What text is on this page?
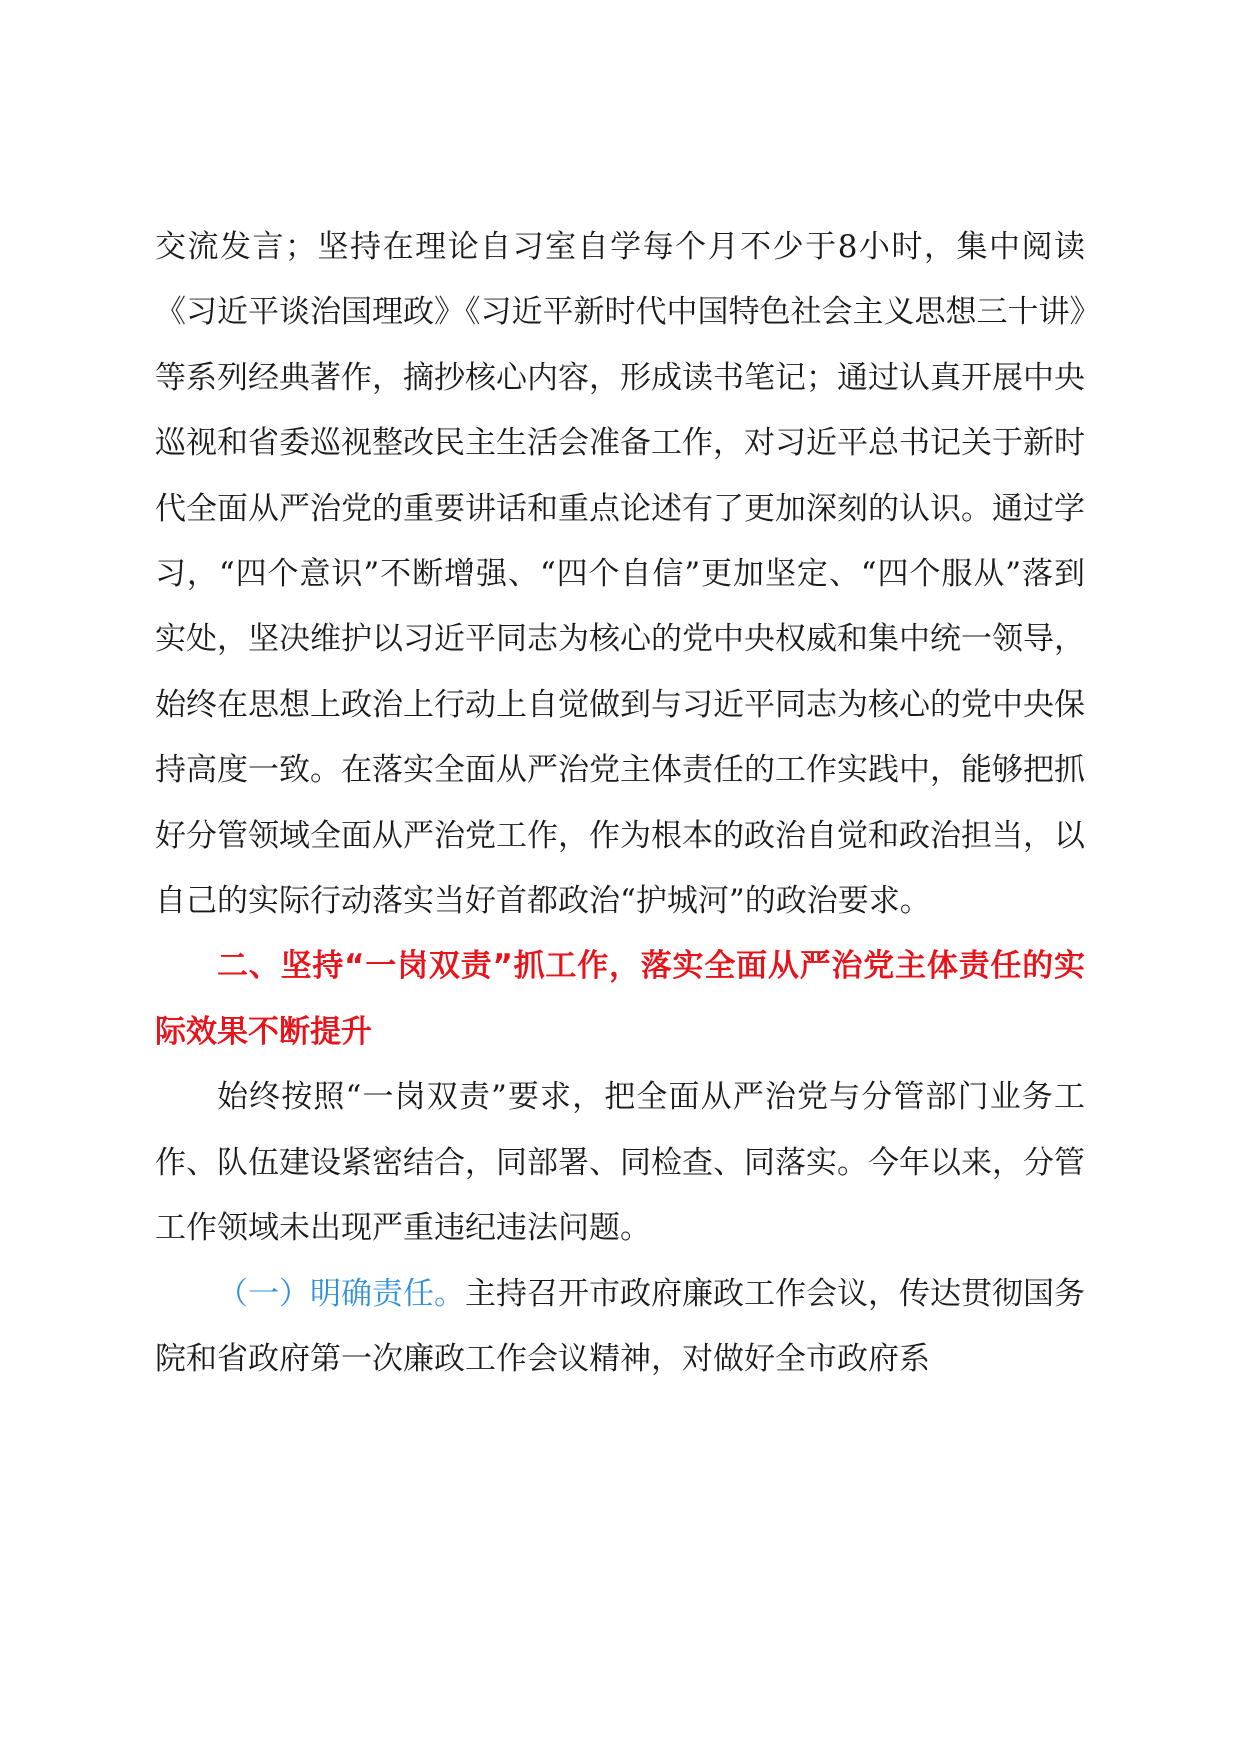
交流发言；坚持在理论自习室自学每个月不少于8小时，集中阅读《习近平谈治国理政》《习近平新时代中国特色社会主义思想三十讲》等系列经典著作，摘抄核心内容，形成读书笔记；通过认真开展中央巡视和省委巡视整改民主生活会准备工作，对习近平总书记关于新时代全面从严治党的重要讲话和重点论述有了更加深刻的认识。通过学习，“四个意识”不断增强、“四个自信”更加坚定、“四个服从”落到实处，坚决维护以习近平同志为核心的党中央权威和集中统一领导，始终在思想上政治上行动上自觉做到与习近平同志为核心的党中央保持高度一致。在落实全面从严治党主体责任的工作实践中，能够把抓好分管领域全面从严治党工作，作为根本的政治自觉和政治担当，以自己的实际行动落实当好首都政治“护城河”的政治要求。

二、坚持“一岗双责”抓工作，落实全面从严治党主体责任的实际效果不断提升

始终按照“一岗双责”要求，把全面从严治党与分管部门业务工作、队伍建设紧密结合，同部署、同检查、同落实。今年以来，分管工作领域未出现严重违纪违法问题。

（一）明确责任。主持召开市政府廉政工作会议，传达贯彻国务院和省政府第一次廉政工作会议精神，对做好全市政府系
